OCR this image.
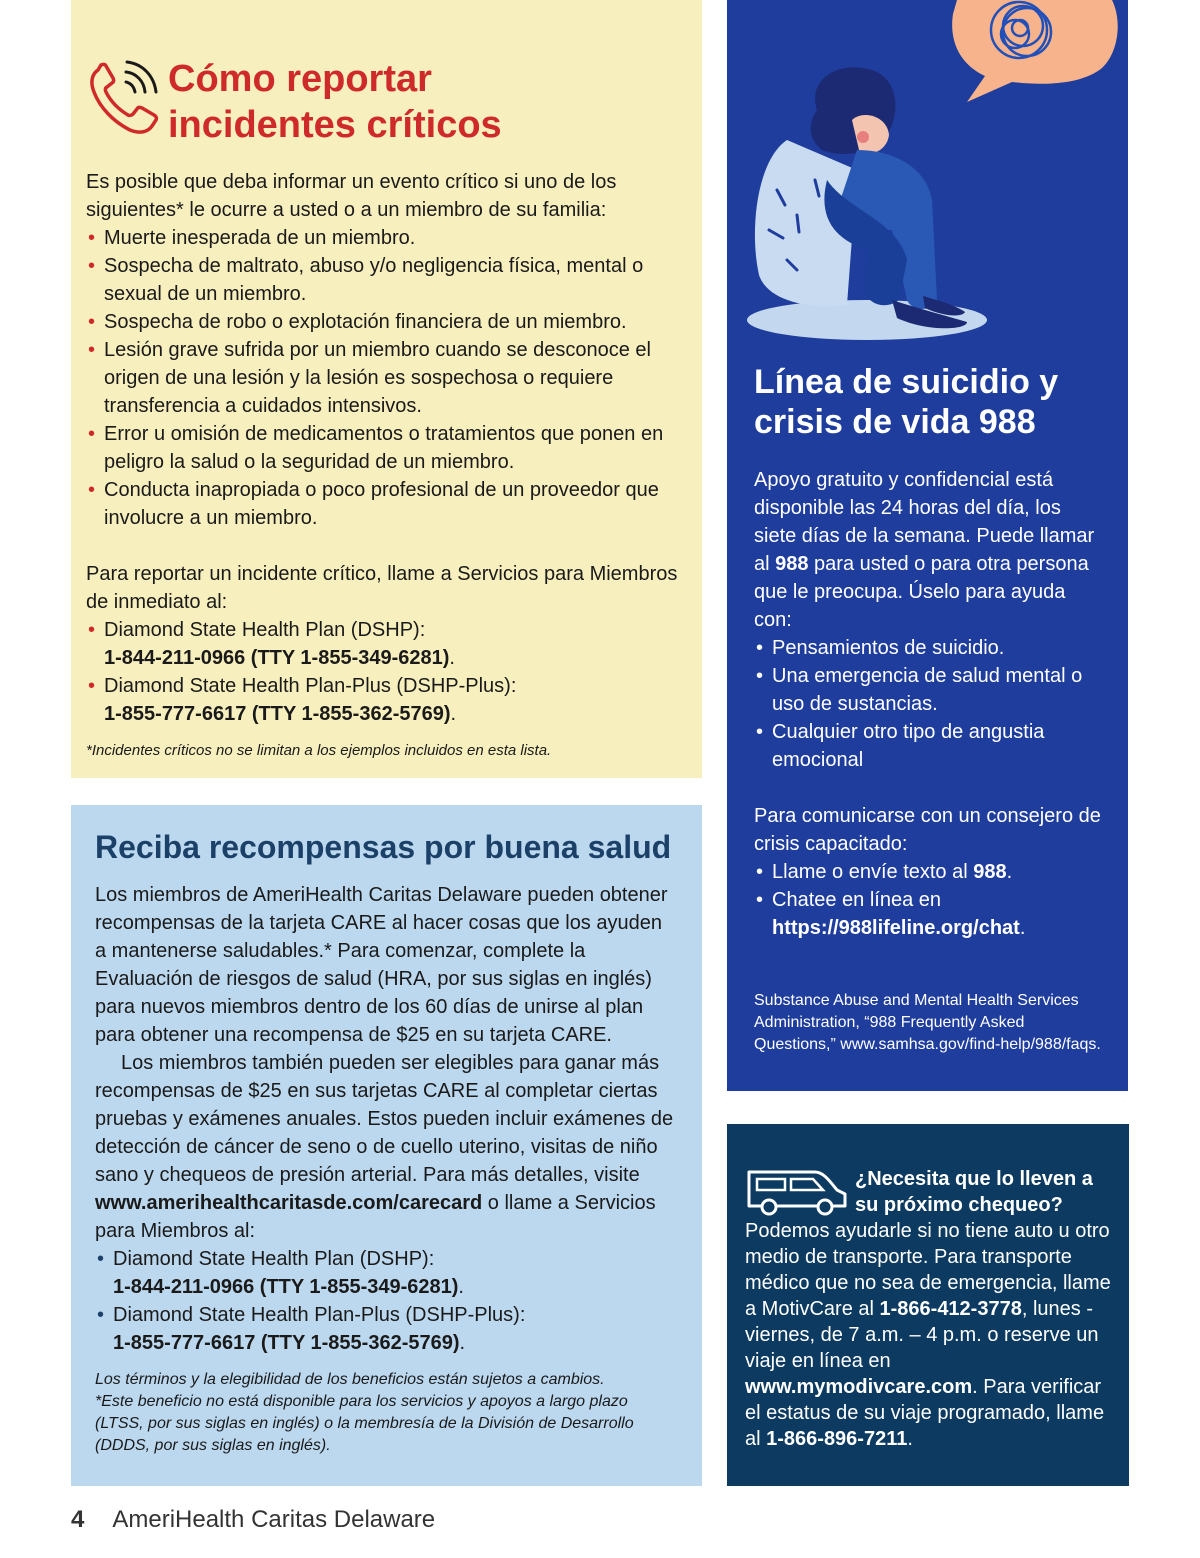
Cómo reportar
incidentes críticos

Es posible que deba informar un evento crítico si uno de los siguientes* le ocurre a usted o a un miembro de su familia:

• Muerte inesperada de un miembro.
• Sospecha de maltrato, abuso y/o negligencia física, mental o sexual de un miembro.
• Sospecha de robo o explotación financiera de un miembro.
• Lesión grave sufrida por un miembro cuando se desconoce el origen de una lesión y la lesión es sospechosa o requiere transferencia a cuidados intensivos.
• Error u omisión de medicamentos o tratamientos que ponen en peligro la salud o la seguridad de un miembro.
• Conducta inapropiada o poco profesional de un proveedor que involucre a un miembro.

Para reportar un incidente crítico, llame a Servicios para Miembros de inmediato al:

• Diamond State Health Plan (DSHP):
1-844-211-0966 (TTY 1-855-349-6281).
• Diamond State Health Plan-Plus (DSHP-Plus):
1-855-777-6617 (TTY 1-855-362-5769).

*Incidentes críticos no se limitan a los ejemplos incluidos en esta lista.

Reciba recompensas por buena salud

Los miembros de AmeriHealth Caritas Delaware pueden obtener recompensas de la tarjeta CARE al hacer cosas que los ayuden a mantenerse saludables.* Para comenzar, complete la Evaluación de riesgos de salud (HRA, por sus siglas en inglés) para nuevos miembros dentro de los 60 días de unirse al plan para obtener una recompensa de $25 en su tarjeta CARE.

Los miembros también pueden ser elegibles para ganar más recompensas de $25 en sus tarjetas CARE al completar ciertas pruebas y exámenes anuales. Estos pueden incluir exámenes de detección de cáncer de seno o de cuello uterino, visitas de niño sano y chequeos de presión arterial. Para más detalles, visite www.amerihealthcaritasde.com/carecard o llame a Servicios para Miembros al:

• Diamond State Health Plan (DSHP):
1-844-211-0966 (TTY 1-855-349-6281).
• Diamond State Health Plan-Plus (DSHP-Plus):
1-855-777-6617 (TTY 1-855-362-5769).

Los términos y la elegibilidad de los beneficios están sujetos a cambios.

*Este beneficio no está disponible para los servicios y apoyos a largo plazo (LTSS, por sus siglas en inglés) o la membresía de la División de Desarrollo (DDDS, por sus siglas en inglés).

Línea de suicidio y
crisis de vida 988

Apoyo gratuito y confidencial está disponible las 24 horas del día, los siete días de la semana. Puede llamar al 988 para usted o para otra persona que le preocupa. Úselo para ayuda con:

• Pensamientos de suicidio.
• Una emergencia de salud mental o uso de sustancias.
• Cualquier otro tipo de angustia emocional

Para comunicarse con un consejero de crisis capacitado:

• Llame o envíe texto al 988.
• Chatee en línea en
https://988lifeline.org/chat.

Substance Abuse and Mental Health Services Administration, “988 Frequently Asked Questions,” www.samhsa.gov/find-help/988/faqs.

¿Necesita que lo lleven a su próximo chequeo?

Podemos ayudarle si no tiene auto u otro medio de transporte. Para transporte médico que no sea de emergencia, llame a MotivCare al 1-866-412-3778, lunes - viernes, de 7 a.m. – 4 p.m. o reserve un viaje en línea en www.mymodivcare.com. Para verificar el estatus de su viaje programado, llame al 1-866-896-7211.

4 AmeriHealth Caritas Delaware
